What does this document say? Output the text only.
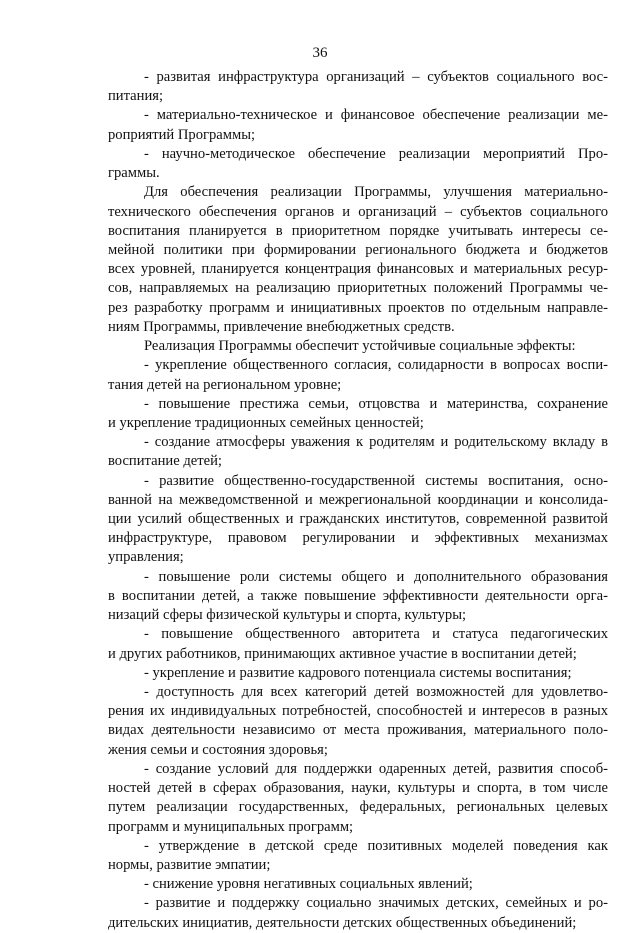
36
- развитая инфраструктура организаций – субъектов социального вос-
питания;
- материально-техническое и финансовое обеспечение реализации ме-
роприятий Программы;
- научно-методическое обеспечение реализации мероприятий Про-
граммы.
Для обеспечения реализации Программы, улучшения материально-
технического обеспечения органов и организаций – субъектов социального
воспитания планируется в приоритетном порядке учитывать интересы се-
мейной политики при формировании регионального бюджета и бюджетов
всех уровней, планируется концентрация финансовых и материальных ресур-
сов, направляемых на реализацию приоритетных положений Программы че-
рез разработку программ и инициативных проектов по отдельным направле-
ниям Программы, привлечение внебюджетных средств.
Реализация Программы обеспечит устойчивые социальные эффекты:
- укрепление общественного согласия, солидарности в вопросах воспи-
тания детей на региональном уровне;
- повышение престижа семьи, отцовства и материнства, сохранение
и укрепление традиционных семейных ценностей;
- создание атмосферы уважения к родителям и родительскому вкладу в
воспитание детей;
- развитие общественно-государственной системы воспитания, осно-
ванной на межведомственной и межрегиональной координации и консолида-
ции усилий общественных и гражданских институтов, современной развитой
инфраструктуре, правовом регулировании и эффективных механизмах
управления;
- повышение роли системы общего и дополнительного образования
в воспитании детей, а также повышение эффективности деятельности орга-
низаций сферы физической культуры и спорта, культуры;
- повышение общественного авторитета и статуса педагогических
и других работников, принимающих активное участие в воспитании детей;
- укрепление и развитие кадрового потенциала системы воспитания;
- доступность для всех категорий детей возможностей для удовлетво-
рения их индивидуальных потребностей, способностей и интересов в разных
видах деятельности независимо от места проживания, материального поло-
жения семьи и состояния здоровья;
- создание условий для поддержки одаренных детей, развития способ-
ностей детей в сферах образования, науки, культуры и спорта, в том числе
путем реализации государственных, федеральных, региональных целевых
программ и муниципальных программ;
- утверждение в детской среде позитивных моделей поведения как
нормы, развитие эмпатии;
- снижение уровня негативных социальных явлений;
- развитие и поддержку социально значимых детских, семейных и ро-
дительских инициатив, деятельности детских общественных объединений;
